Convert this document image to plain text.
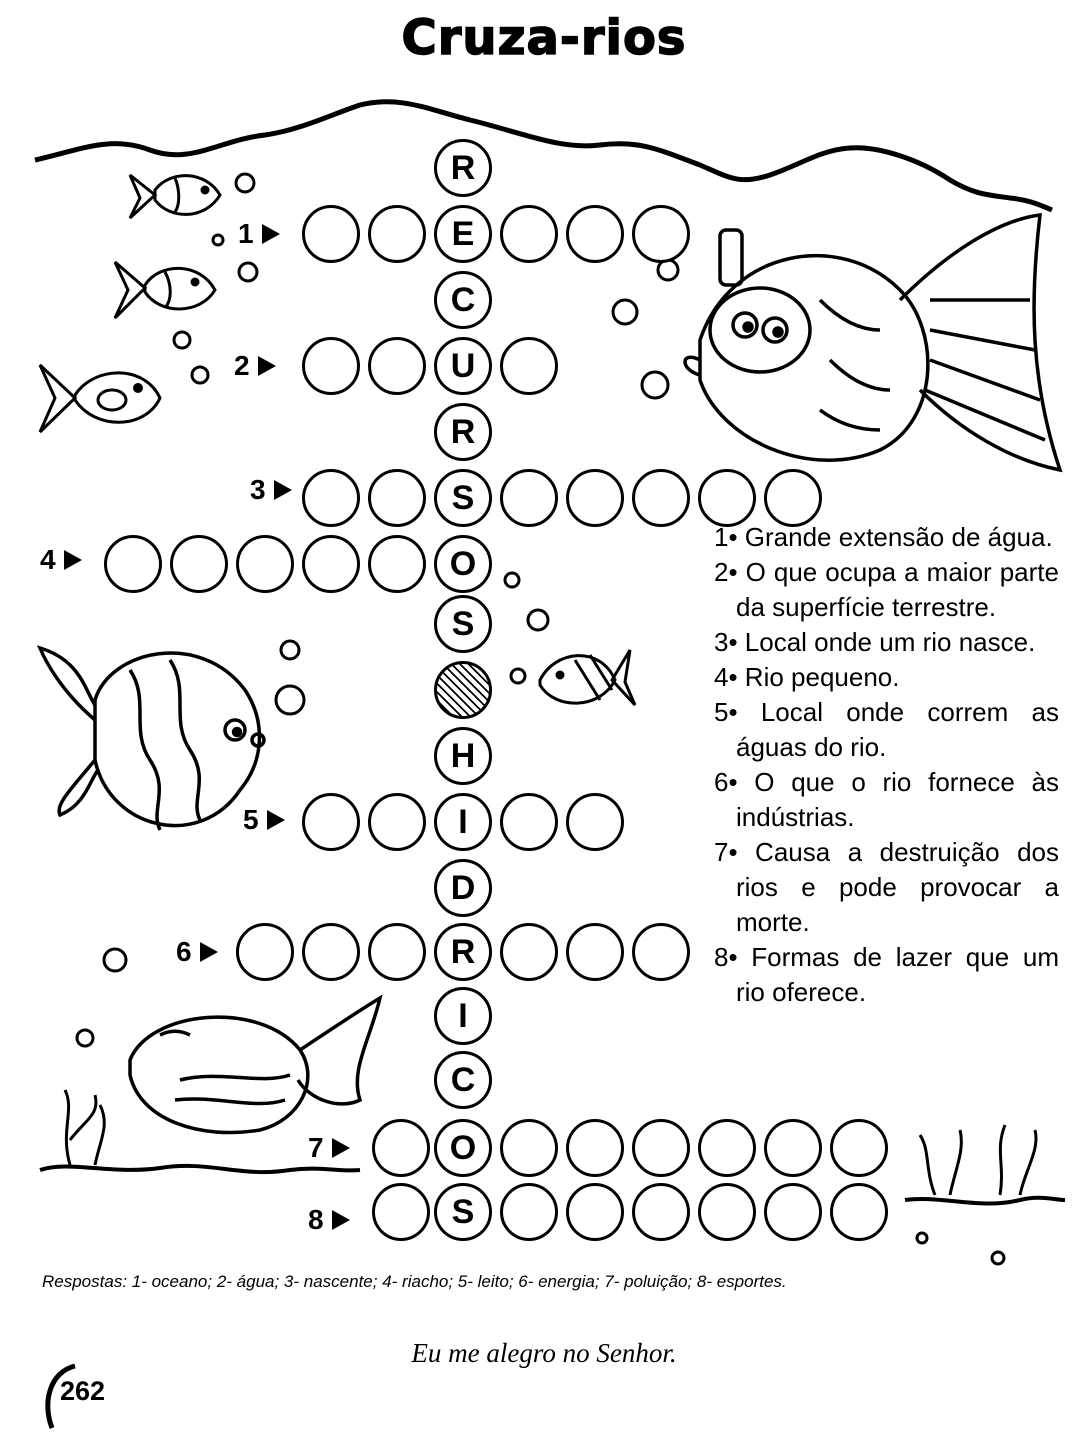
Cruza-rios
R
E
C
U
R
S
O
S
H
I
D
R
I
C
O
S
1
2
3
4
5
6
7
8
1• Grande extensão de água.
2• O que ocupa a maior parte da superfície terrestre.
3• Local onde um rio nasce.
4• Rio pequeno.
5• Local onde correm as águas do rio.
6• O que o rio fornece às indústrias.
7• Causa a destruição dos rios e pode provocar a morte.
8• Formas de lazer que um rio oferece.
Respostas: 1- oceano; 2- água; 3- nascente; 4- riacho; 5- leito; 6- energia; 7- poluição; 8- esportes.
Eu me alegro no Senhor.
262
